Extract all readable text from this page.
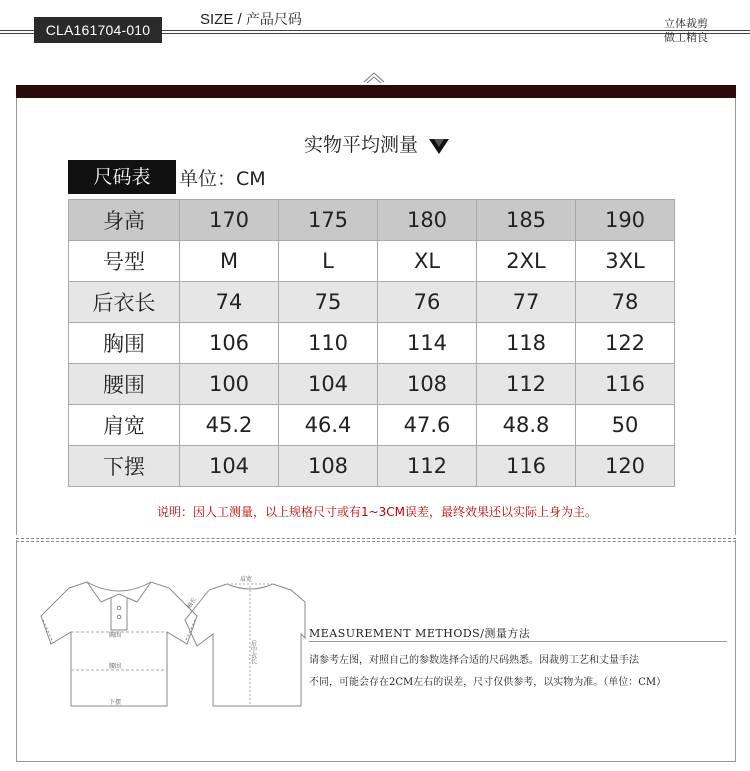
CLA161704-010
SIZE / 产品尺码	立体裁剪
做工精良
实物平均测量
尺码表	单位：CM
身高	170	175	180	185	190
号型	M	L	XL	2XL	3XL
后衣长	74	75	76	77	78
胸围	106	110	114	118	122
腰围	100	104	108	112	116
肩宽	45.2	46.4	47.6	48.8	50
下摆	104	108	112	116	120
说明：因人工测量，以上规格尺寸或有1~3CM误差，最终效果还以实际上身为主。
胸围
腰围
下摆
肩宽
袖长
后中衣长
MEASUREMENT METHODS/测量方法
请参考左图，对照自己的参数选择合适的尺码熟悉。因裁剪工艺和丈量手法
不同，可能会存在2CM左右的误差，尺寸仅供参考，以实物为准。（单位：CM）
